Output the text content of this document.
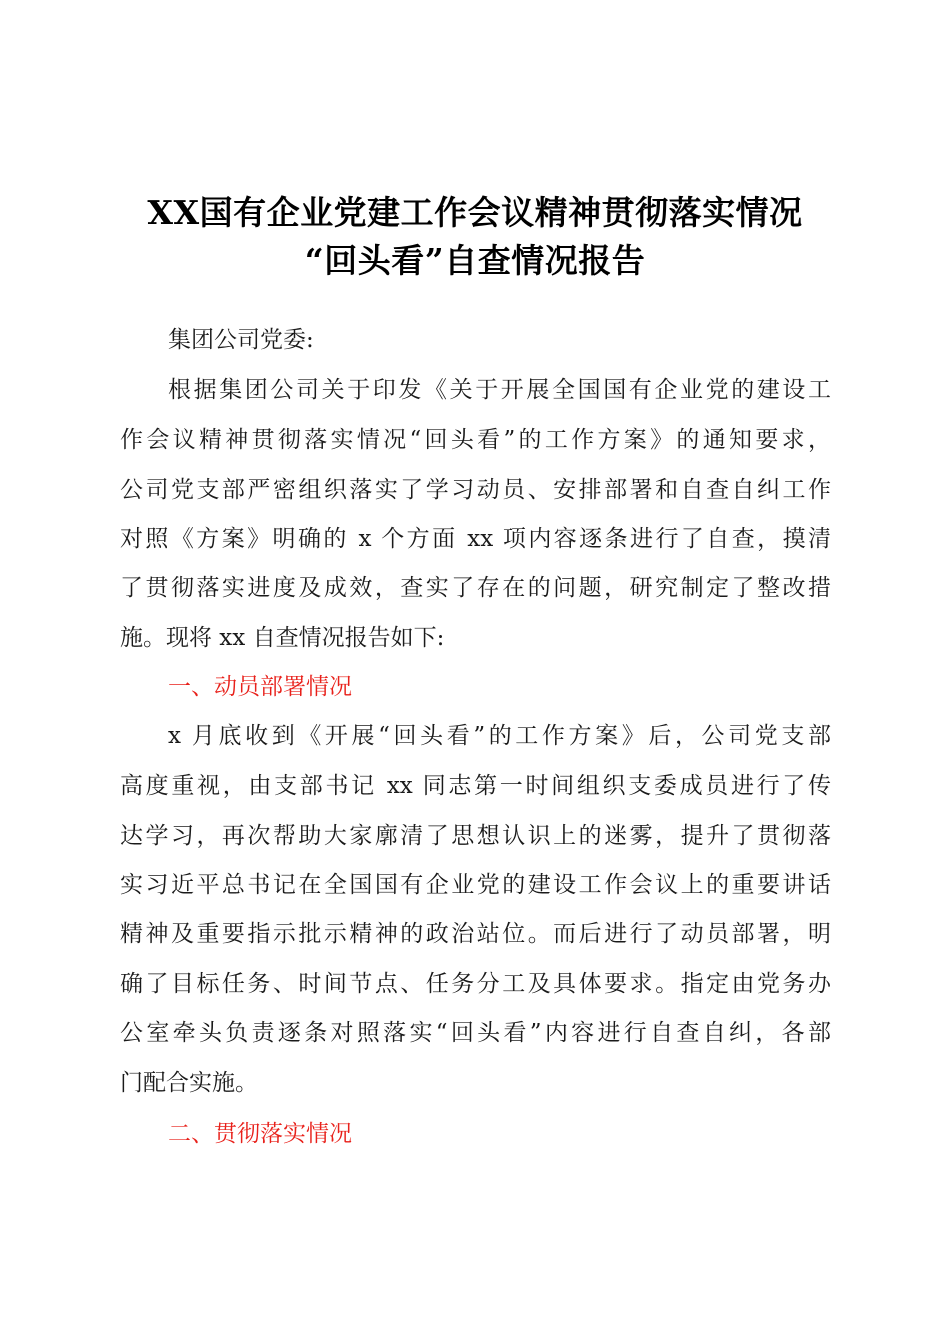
XX国有企业党建工作会议精神贯彻落实情况
“回头看”自查情况报告
集团公司党委:
根据集团公司关于印发《关于开展全国国有企业党的建设工
作会议精神贯彻落实情况“回头看”的工作方案》的通知要求，
公司党支部严密组织落实了学习动员、安排部署和自查自纠工作
对照《方案》明确的 x 个方面 xx 项内容逐条进行了自查，摸清
了贯彻落实进度及成效，查实了存在的问题，研究制定了整改措
施。现将 xx 自查情况报告如下:
一、动员部署情况
x 月底收到《开展“回头看”的工作方案》后，公司党支部
高度重视，由支部书记 xx 同志第一时间组织支委成员进行了传
达学习，再次帮助大家廓清了思想认识上的迷雾，提升了贯彻落
实习近平总书记在全国国有企业党的建设工作会议上的重要讲话
精神及重要指示批示精神的政治站位。而后进行了动员部署，明
确了目标任务、时间节点、任务分工及具体要求。指定由党务办
公室牵头负责逐条对照落实“回头看”内容进行自查自纠，各部
门配合实施。
二、贯彻落实情况
